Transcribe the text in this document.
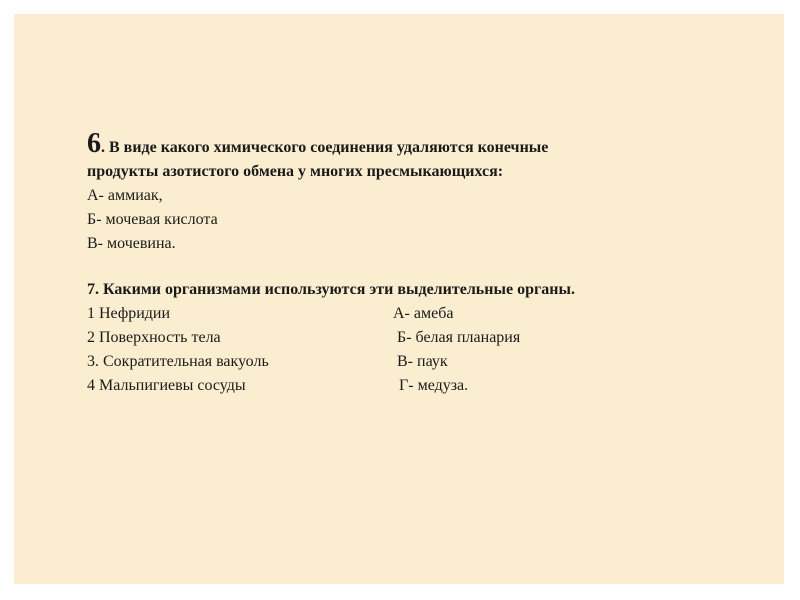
6. В виде какого химического соединения удаляются конечные
продукты азотистого обмена у многих пресмыкающихся:
А- аммиак,
Б- мочевая кислота
В- мочевина.
7. Какими организмами используются эти выделительные органы.
1 Нефридии	А- амеба
2 Поверхность тела	Б- белая планария
3. Сократительная вакуоль	В- паук
4 Мальпигиевы сосуды	Г- медуза.
